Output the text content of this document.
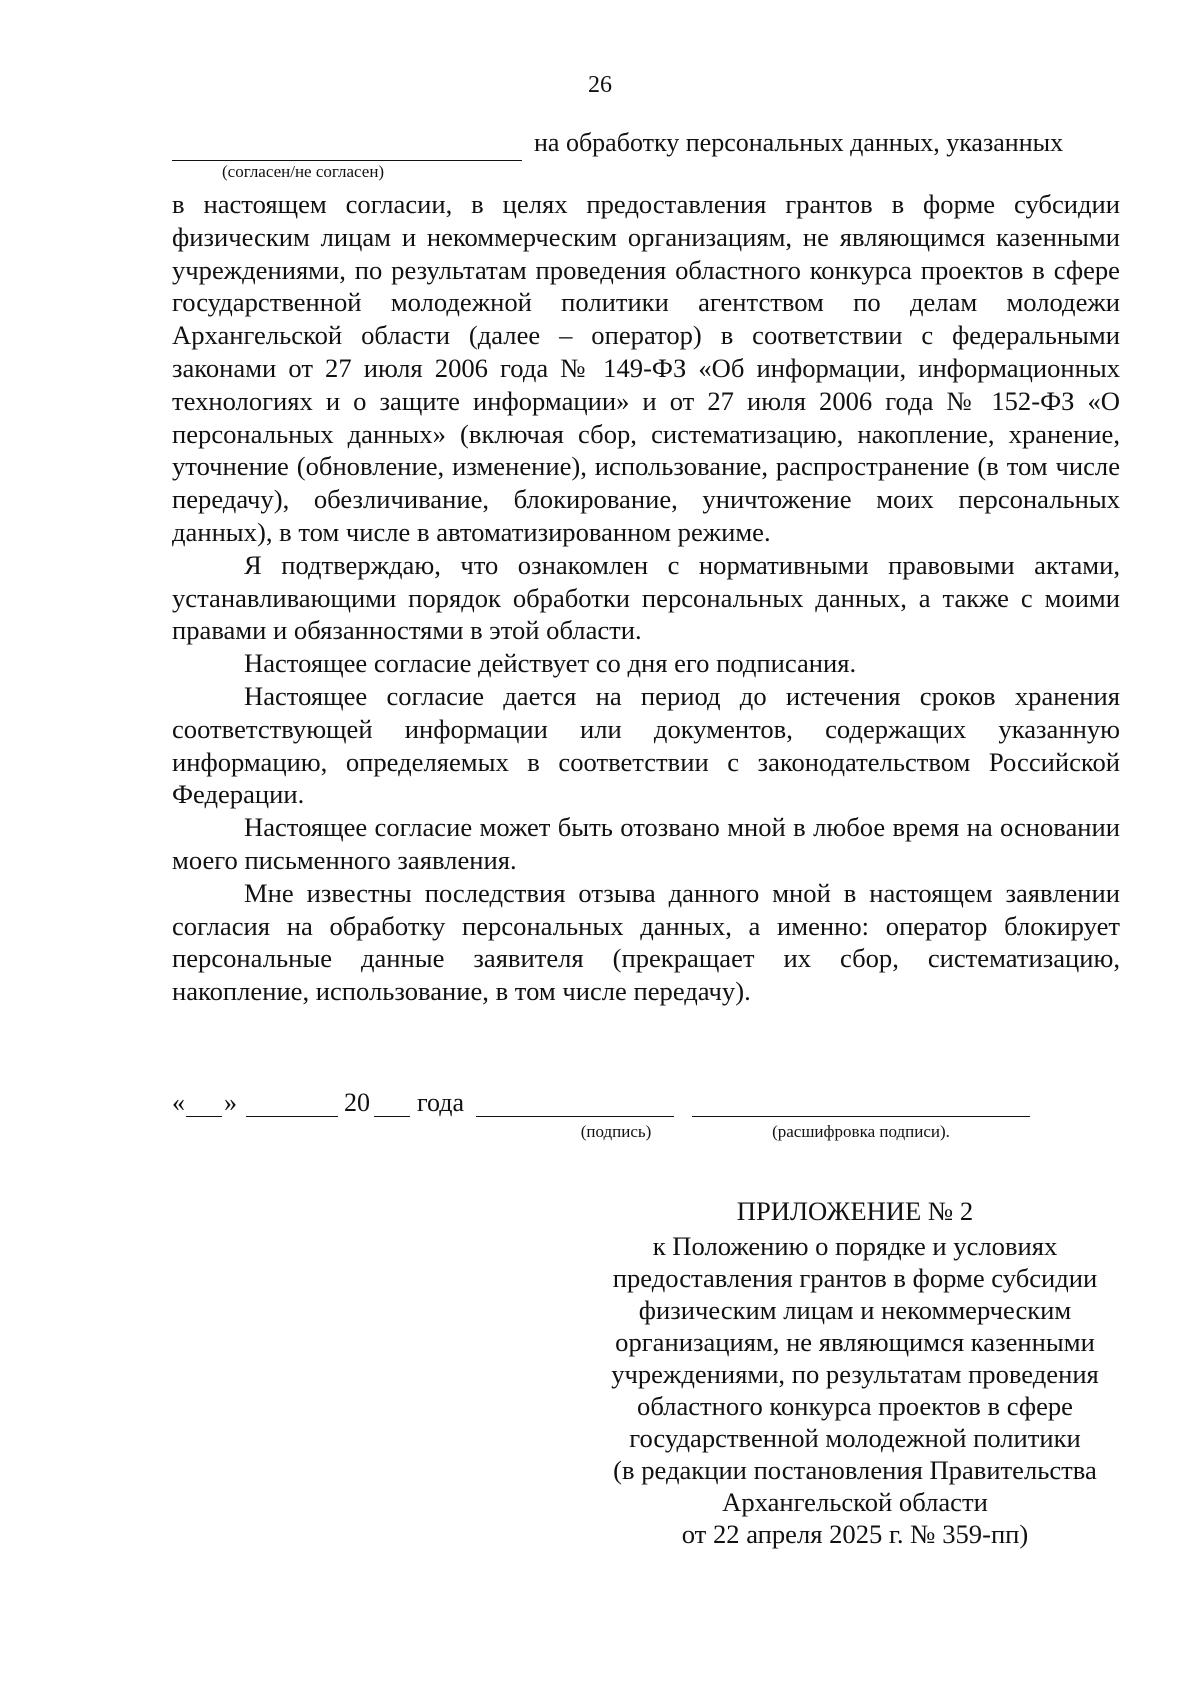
26
на обработку персональных данных, указанных
(согласен/не согласен)

в настоящем согласии, в целях предоставления грантов в форме субсидии физическим лицам и некоммерческим организациям, не являющимся казенными учреждениями, по результатам проведения областного конкурса проектов в сфере государственной молодежной политики агентством по делам молодежи Архангельской области (далее – оператор) в соответствии с федеральными законами от 27 июля 2006 года № 149-ФЗ «Об информации, информационных технологиях и о защите информации» и от 27 июля 2006 года № 152-ФЗ «О персональных данных» (включая сбор, систематизацию, накопление, хранение, уточнение (обновление, изменение), использование, распространение (в том числе передачу), обезличивание, блокирование, уничтожение моих персональных данных), в том числе в автоматизированном режиме.

Я подтверждаю, что ознакомлен с нормативными правовыми актами, устанавливающими порядок обработки персональных данных, а также с моими правами и обязанностями в этой области.

Настоящее согласие действует со дня его подписания.

Настоящее согласие дается на период до истечения сроков хранения соответствующей информации или документов, содержащих указанную информацию, определяемых в соответствии с законодательством Российской Федерации.

Настоящее согласие может быть отозвано мной в любое время на основании моего письменного заявления.

Мне известны последствия отзыва данного мной в настоящем заявлении согласия на обработку персональных данных, а именно: оператор блокирует персональные данные заявителя (прекращает их сбор, систематизацию, накопление, использование, в том числе передачу).

« »	20 года
(подпись)	(расшифровка подписи).
ПРИЛОЖЕНИЕ № 2
к Положению о порядке и условиях
предоставления грантов в форме субсидии
физическим лицам и некоммерческим
организациям, не являющимся казенными
учреждениями, по результатам проведения
областного конкурса проектов в сфере
государственной молодежной политики
(в редакции постановления Правительства
Архангельской области
от 22 апреля 2025 г. № 359-пп)
